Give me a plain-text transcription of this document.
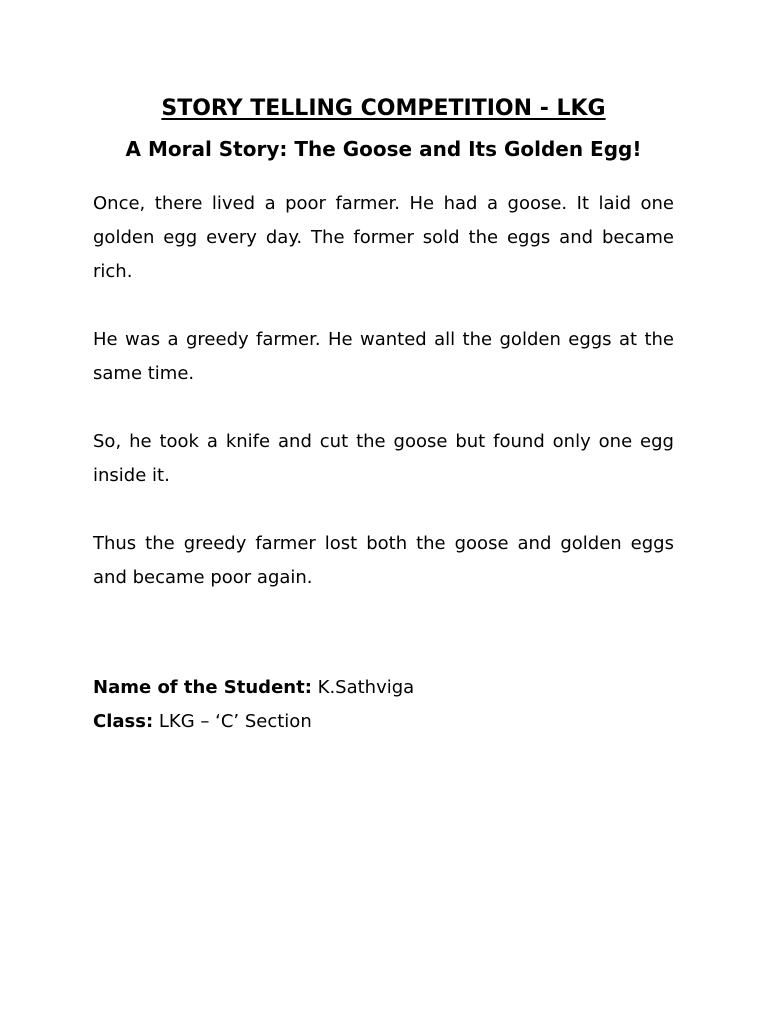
STORY TELLING COMPETITION - LKG
A Moral Story: The Goose and Its Golden Egg!

Once, there lived a poor farmer. He had a goose. It laid one golden egg every day. The former sold the eggs and became rich.

He was a greedy farmer. He wanted all the golden eggs at the same time.

So, he took a knife and cut the goose but found only one egg inside it.

Thus the greedy farmer lost both the goose and golden eggs and became poor again.

Name of the Student: K.Sathviga

Class: LKG – ‘C’ Section
